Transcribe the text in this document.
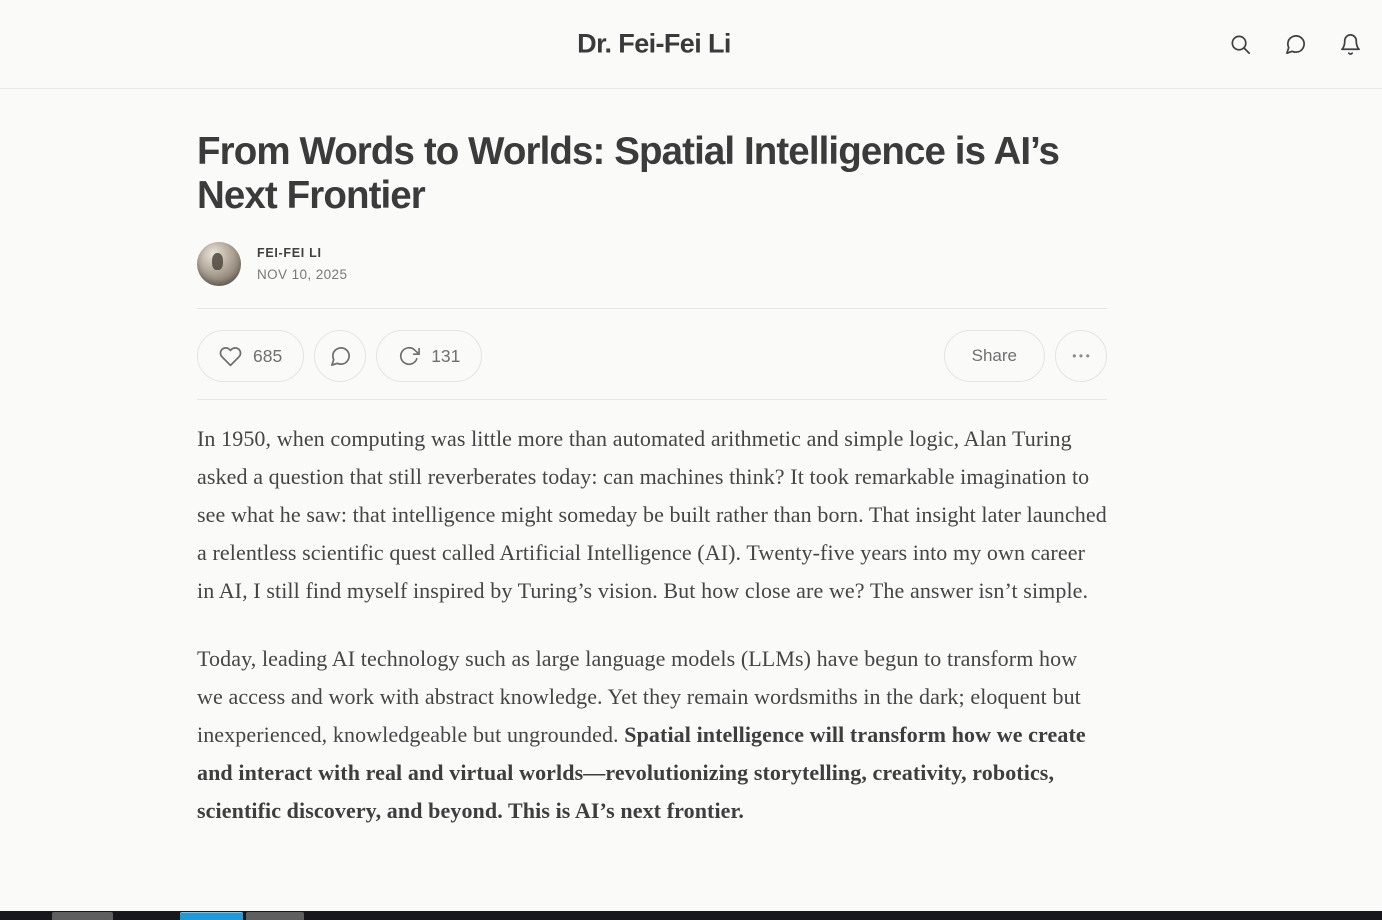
Dr. Fei-Fei Li
From Words to Worlds: Spatial Intelligence is AI’s Next Frontier
FEI-FEI LI
NOV 10, 2025
685	131	Share	•••

In 1950, when computing was little more than automated arithmetic and simple logic, Alan Turing asked a question that still reverberates today: can machines think? It took remarkable imagination to see what he saw: that intelligence might someday be built rather than born. That insight later launched a relentless scientific quest called Artificial Intelligence (AI). Twenty-five years into my own career in AI, I still find myself inspired by Turing’s vision. But how close are we? The answer isn’t simple.

Today, leading AI technology such as large language models (LLMs) have begun to transform how we access and work with abstract knowledge. Yet they remain wordsmiths in the dark; eloquent but inexperienced, knowledgeable but ungrounded. Spatial intelligence will transform how we create and interact with real and virtual worlds—revolutionizing storytelling, creativity, robotics, scientific discovery, and beyond. This is AI’s next frontier.
